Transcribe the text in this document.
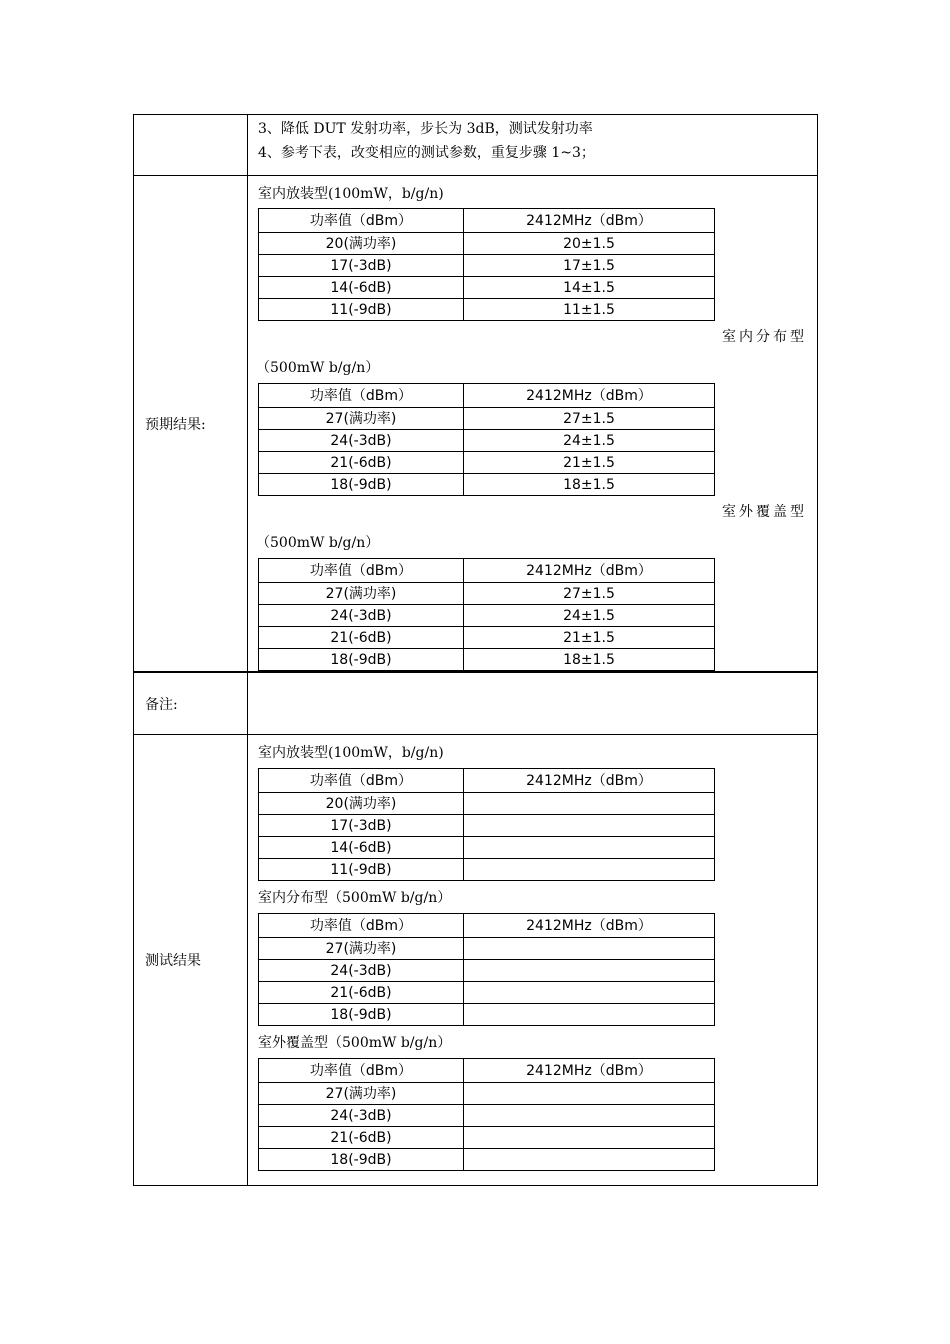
3、降低 DUT 发射功率，步长为 3dB，测试发射功率
4、参考下表，改变相应的测试参数，重复步骤 1~3；

预期结果:	
室内放装型(100mW，b/g/n)
功率值（dBm）	2412MHz（dBm）
20(满功率)	20±1.5
17(-3dB)	17±1.5
14(-6dB)	14±1.5
11(-9dB)	11±1.5
室内分布型
（500mW b/g/n）
功率值（dBm）	2412MHz（dBm）
27(满功率)	27±1.5
24(-3dB)	24±1.5
21(-6dB)	21±1.5
18(-9dB)	18±1.5
室外覆盖型
（500mW b/g/n）
功率值（dBm）	2412MHz（dBm）
27(满功率)	27±1.5
24(-3dB)	24±1.5
21(-6dB)	21±1.5
18(-9dB)	18±1.5

备注:	
测试结果	
室内放装型(100mW，b/g/n)
功率值（dBm）	2412MHz（dBm）
20(满功率)	
17(-3dB)	
14(-6dB)	
11(-9dB)	
室内分布型（500mW b/g/n）
功率值（dBm）	2412MHz（dBm）
27(满功率)	
24(-3dB)	
21(-6dB)	
18(-9dB)	
室外覆盖型（500mW b/g/n）
功率值（dBm）	2412MHz（dBm）
27(满功率)	
24(-3dB)	
21(-6dB)	
18(-9dB)	
